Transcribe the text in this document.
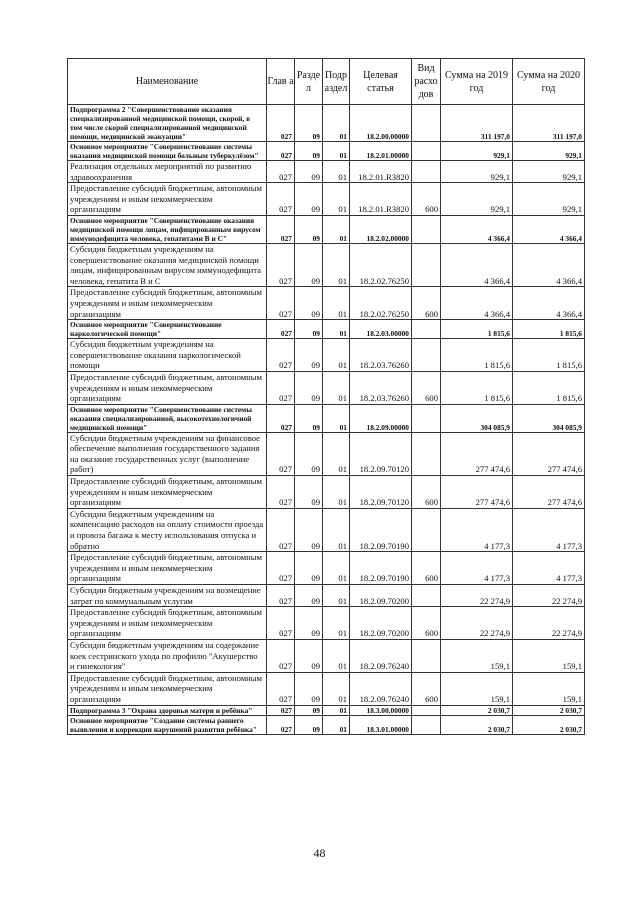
Наименование	Глав а	Разде л	Подр аздел	Целевая статья	Вид расхо дов	Сумма на 2019 год	Сумма на 2020 год
Подпрограмма 2 "Совершенствование оказания специализированной медицинской помощи, скорой, в том числе скорой специализированной медицинской помощи, медицинской эвакуации"	027	09	01	18.2.00.00000		311 197,0	311 197,0
Основное мероприятие "Совершенствование системы оказания медицинской помощи больным туберкулёзом"	027	09	01	18.2.01.00000		929,1	929,1
Реализация отдельных мероприятий по развитию здравоохранения	027	09	01	18.2.01.R3820		929,1	929,1
Предоставление субсидий бюджетным, автономным учреждениям и иным некоммерческим организациям	027	09	01	18.2.01.R3820	600	929,1	929,1
Основное мероприятие "Совершенствование оказания медицинской помощи лицам, инфицированным вирусом иммунодефицита человека, гепатитами В и С"	027	09	01	18.2.02.00000		4 366,4	4 366,4
Субсидия бюджетным учреждениям на совершенствование оказания медицинской помощи лицам, инфицированным вирусом иммунодефицита человека, гепатита В и С	027	09	01	18.2.02.76250		4 366,4	4 366,4
Предоставление субсидий бюджетным, автономным учреждениям и иным некоммерческим организациям	027	09	01	18.2.02.76250	600	4 366,4	4 366,4
Основное мероприятие "Совершенствование наркологической помощи"	027	09	01	18.2.03.00000		1 815,6	1 815,6
Субсидия бюджетным учреждениям на совершенствование оказания наркологической помощи	027	09	01	18.2.03.76260		1 815,6	1 815,6
Предоставление субсидий бюджетным, автономным учреждениям и иным некоммерческим организациям	027	09	01	18.2.03.76260	600	1 815,6	1 815,6
Основное мероприятие "Совершенствование системы оказания специализированной, высокотехнологичной медицинской помощи"	027	09	01	18.2.09.00000		304 085,9	304 085,9
Субсидии бюджетным учреждениям на финансовое обеспечение выполнения государственного задания на оказание государственных услуг (выполнение работ)	027	09	01	18.2.09.70120		277 474,6	277 474,6
Предоставление субсидий бюджетным, автономным учреждениям и иным некоммерческим организациям	027	09	01	18.2.09.70120	600	277 474,6	277 474,6
Субсидии бюджетным учреждениям на компенсацию расходов на оплату стоимости проезда и провоза багажа к месту использования отпуска и обратно	027	09	01	18.2.09.70190		4 177,3	4 177,3
Предоставление субсидий бюджетным, автономным учреждениям и иным некоммерческим организациям	027	09	01	18.2.09.70190	600	4 177,3	4 177,3
Субсидии бюджетным учреждениям на возмещение затрат по коммунальным услугам	027	09	01	18.2.09.70200		22 274,9	22 274,9
Предоставление субсидий бюджетным, автономным учреждениям и иным некоммерческим организациям	027	09	01	18.2.09.70200	600	22 274,9	22 274,9
Субсидия бюджетным учреждениям на содержание коек сестринского ухода по профилю "Акушерство и гинекология"	027	09	01	18.2.09.76240		159,1	159,1
Предоставление субсидий бюджетным, автономным учреждениям и иным некоммерческим организациям	027	09	01	18.2.09.76240	600	159,1	159,1
Подпрограмма 3 "Охрана здоровья матери и ребёнка"	027	09	01	18.3.00.00000		2 030,7	2 030,7
Основное мероприятие "Создание системы раннего выявления и коррекции нарушений развития ребёнка"	027	09	01	18.3.01.00000		2 030,7	2 030,7
48
